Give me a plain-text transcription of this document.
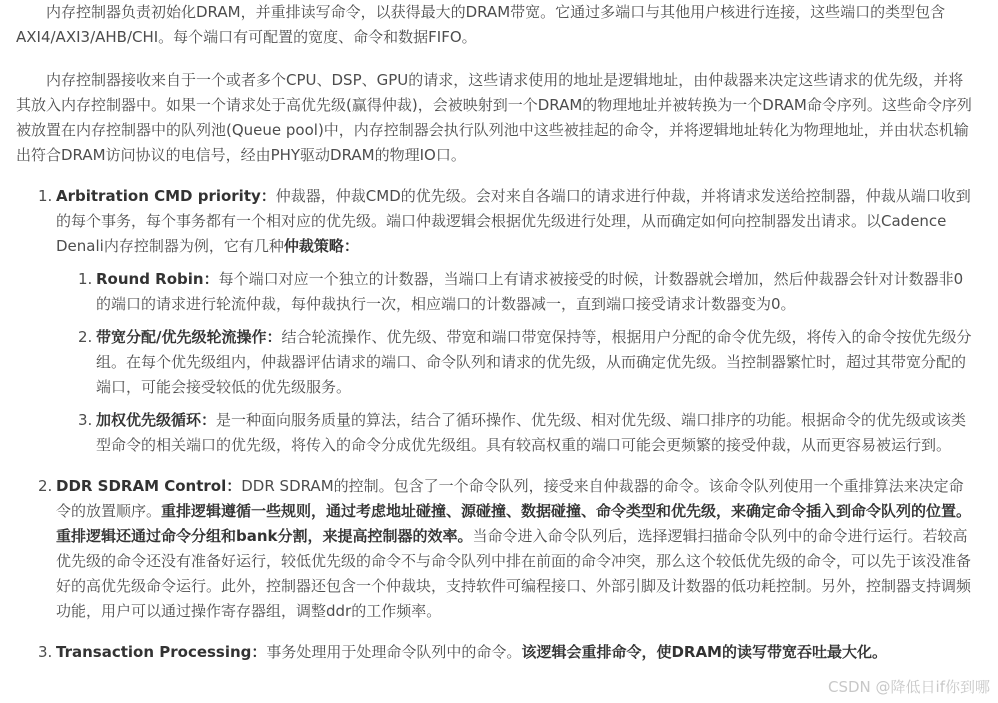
内存控制器负责初始化DRAM，并重排读写命令，以获得最大的DRAM带宽。它通过多端口与其他用户核进行连接，这些端口的类型包含AXI4/AXI3/AHB/CHI。每个端口有可配置的宽度、命令和数据FIFO。

内存控制器接收来自于一个或者多个CPU、DSP、GPU的请求，这些请求使用的地址是逻辑地址，由仲裁器来决定这些请求的优先级，并将其放入内存控制器中。如果一个请求处于高优先级(赢得仲裁)，会被映射到一个DRAM的物理地址并被转换为一个DRAM命令序列。这些命令序列被放置在内存控制器中的队列池(Queue pool)中，内存控制器会执行队列池中这些被挂起的命令，并将逻辑地址转化为物理地址，并由状态机输出符合DRAM访问协议的电信号，经由PHY驱动DRAM的物理IO口。

1. Arbitration CMD priority：仲裁器，仲裁CMD的优先级。会对来自各端口的请求进行仲裁，并将请求发送给控制器，仲裁从端口收到的每个事务，每个事务都有一个相对应的优先级。端口仲裁逻辑会根据优先级进行处理，从而确定如何向控制器发出请求。以Cadence Denali内存控制器为例，它有几种仲裁策略：
1. Round Robin：每个端口对应一个独立的计数器，当端口上有请求被接受的时候，计数器就会增加，然后仲裁器会针对计数器非0的端口的请求进行轮流仲裁，每仲裁执行一次，相应端口的计数器减一，直到端口接受请求计数器变为0。
2. 带宽分配/优先级轮流操作：结合轮流操作、优先级、带宽和端口带宽保持等，根据用户分配的命令优先级，将传入的命令按优先级分组。在每个优先级组内，仲裁器评估请求的端口、命令队列和请求的优先级，从而确定优先级。当控制器繁忙时，超过其带宽分配的端口，可能会接受较低的优先级服务。
3. 加权优先级循环：是一种面向服务质量的算法，结合了循环操作、优先级、相对优先级、端口排序的功能。根据命令的优先级或该类型命令的相关端口的优先级，将传入的命令分成优先级组。具有较高权重的端口可能会更频繁的接受仲裁，从而更容易被运行到。
2. DDR SDRAM Control：DDR SDRAM的控制。包含了一个命令队列，接受来自仲裁器的命令。该命令队列使用一个重排算法来决定命令的放置顺序。重排逻辑遵循一些规则，通过考虑地址碰撞、源碰撞、数据碰撞、命令类型和优先级，来确定命令插入到命令队列的位置。重排逻辑还通过命令分组和bank分割，来提高控制器的效率。当命令进入命令队列后，选择逻辑扫描命令队列中的命令进行运行。若较高优先级的命令还没有准备好运行，较低优先级的命令不与命令队列中排在前面的命令冲突，那么这个较低优先级的命令，可以先于该没准备好的高优先级命令运行。此外，控制器还包含一个仲裁块，支持软件可编程接口、外部引脚及计数器的低功耗控制。另外，控制器支持调频功能，用户可以通过操作寄存器组，调整ddr的工作频率。
3. Transaction Processing：事务处理用于处理命令队列中的命令。该逻辑会重排命令，使DRAM的读写带宽吞吐最大化。
CSDN @降低日if你到哪
